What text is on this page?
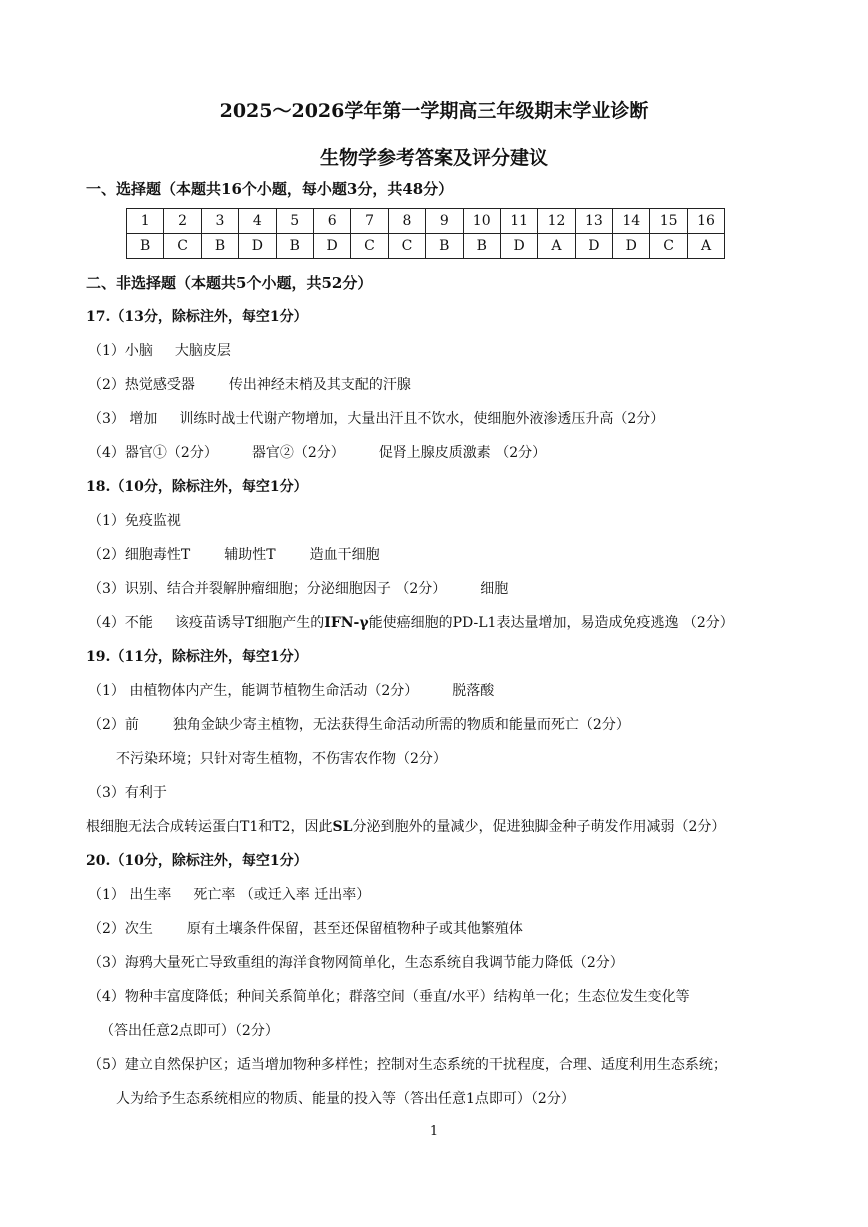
2025～2026学年第一学期高三年级期末学业诊断
生物学参考答案及评分建议
一、选择题（本题共16个小题，每小题3分，共48分）
1	2	3	4	5	6	7	8	9	10	11	12	13	14	15	16
B	C	B	D	B	D	C	C	B	B	D	A	D	D	C	A
二、非选择题（本题共5个小题，共52分）
17.（13分，除标注外，每空1分）
（1）小脑 大脑皮层
（2）热觉感受器 传出神经末梢及其支配的汗腺
（3） 增加 训练时战士代谢产物增加，大量出汗且不饮水，使细胞外液渗透压升高（2分）
（4）器官①（2分） 器官②（2分） 促肾上腺皮质激素 （2分）
18.（10分，除标注外，每空1分）
（1）免疫监视
（2）细胞毒性T 辅助性T 造血干细胞
（3）识别、结合并裂解肿瘤细胞；分泌细胞因子 （2分） 细胞
（4）不能 该疫苗诱导T细胞产生的IFN-γ能使癌细胞的PD-L1表达量增加，易造成免疫逃逸 （2分）
19.（11分，除标注外，每空1分）
（1） 由植物体内产生，能调节植物生命活动（2分） 脱落酸
（2）前 独角金缺少寄主植物，无法获得生命活动所需的物质和能量而死亡（2分）
不污染环境；只针对寄生植物，不伤害农作物（2分）
（3）有利于
根细胞无法合成转运蛋白T1和T2，因此SL分泌到胞外的量减少，促进独脚金种子萌发作用减弱（2分）
20.（10分，除标注外，每空1分）
（1） 出生率 死亡率 （或迁入率 迁出率）
（2）次生 原有土壤条件保留，甚至还保留植物种子或其他繁殖体
（3）海鸦大量死亡导致重组的海洋食物网简单化，生态系统自我调节能力降低（2分）
（4）物种丰富度降低；种间关系简单化；群落空间（垂直/水平）结构单一化；生态位发生变化等
（答出任意2点即可）（2分）
（5）建立自然保护区；适当增加物种多样性；控制对生态系统的干扰程度，合理、适度利用生态系统；
人为给予生态系统相应的物质、能量的投入等（答出任意1点即可）（2分）
1
